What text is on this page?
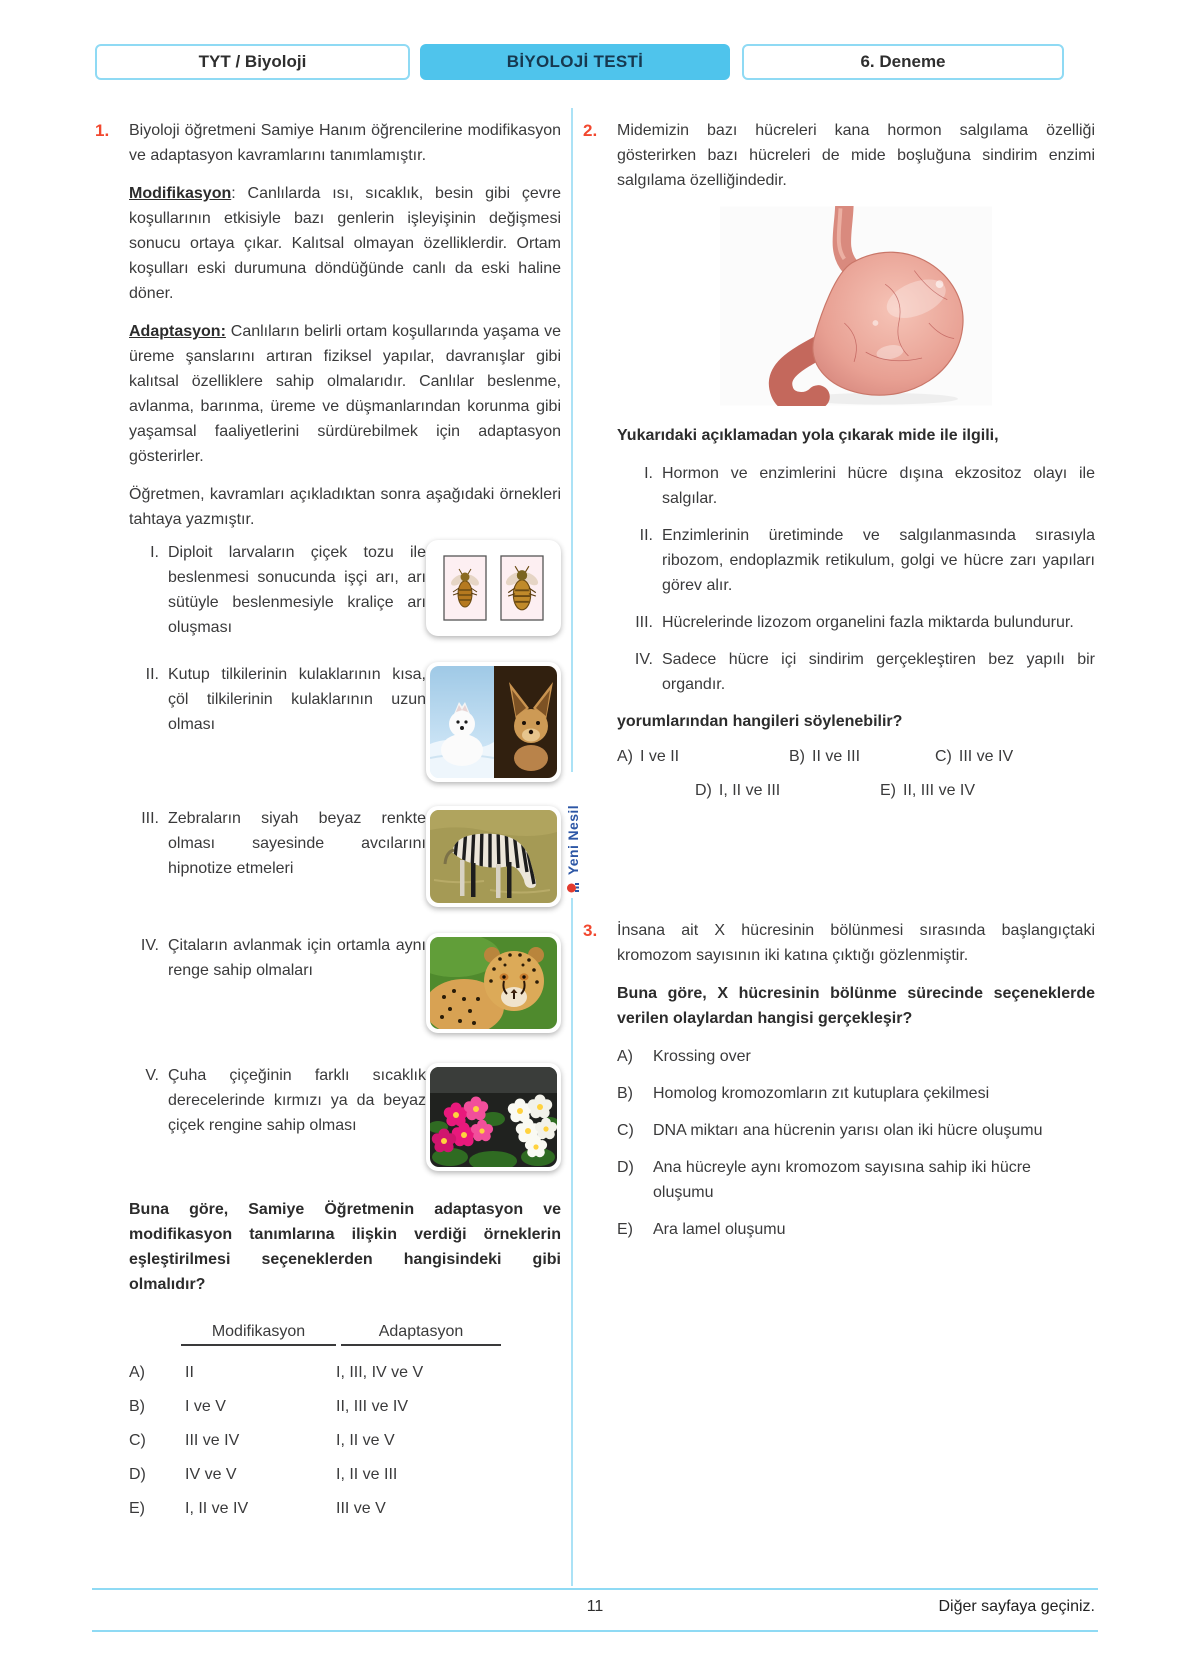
TYT / Biyoloji	BİYOLOJİ TESTİ	6. Deneme
Yeni Nesil
1.	Biyoloji öğretmeni Samiye Hanım öğrencilerine modifikasyon ve adaptasyon kavramlarını tanımlamıştır.

Modifikasyon: Canlılarda ısı, sıcaklık, besin gibi çevre koşullarının etkisiyle bazı genlerin işleyişinin değişmesi sonucu ortaya çıkar. Kalıtsal olmayan özelliklerdir. Ortam koşulları eski durumuna döndüğünde canlı da eski haline döner.

Adaptasyon: Canlıların belirli ortam koşullarında yaşama ve üreme şanslarını artıran fiziksel yapılar, davranışlar gibi kalıtsal özelliklere sahip olmalarıdır. Canlılar beslenme, avlanma, barınma, üreme ve düşmanlarından korunma gibi yaşamsal faaliyetlerini sürdürebilmek için adaptasyon gösterirler.

Öğretmen, kavramları açıkladıktan sonra aşağıdaki örnekleri tahtaya yazmıştır.

I. Diploit larvaların çiçek tozu ile beslenmesi sonucunda işçi arı, arı sütüyle beslenmesiyle kraliçe arı oluşması
II. Kutup tilkilerinin kulaklarının kısa, çöl tilkilerinin kulaklarının uzun olması
III. Zebraların siyah beyaz renkte olması sayesinde avcılarını hipnotize etmeleri
IV. Çitaların avlanmak için ortamla aynı renge sahip olmaları
V. Çuha çiçeğinin farklı sıcaklık derecelerinde kırmızı ya da beyaz çiçek rengine sahip olması

Buna göre, Samiye Öğretmenin adaptasyon ve modifikasyon tanımlarına ilişkin verdiği örneklerin eşleştirilmesi seçeneklerden hangisindeki gibi olmalıdır?

Modifikasyon	Adaptasyon
A)	II	I, III, IV ve V
B)	I ve V	II, III ve IV
C)	III ve IV	I, II ve V
D)	IV ve V	I, II ve III
E)	I, II ve IV	III ve V
2.	Midemizin bazı hücreleri kana hormon salgılama özelliği gösterirken bazı hücreleri de mide boşluğuna sindirim enzimi salgılama özelliğindedir.

Yukarıdaki açıklamadan yola çıkarak mide ile ilgili,

I. Hormon ve enzimlerini hücre dışına ekzositoz olayı ile salgılar.
II. Enzimlerinin üretiminde ve salgılanmasında sırasıyla ribozom, endoplazmik retikulum, golgi ve hücre zarı yapıları görev alır.
III. Hücrelerinde lizozom organelini fazla miktarda bulundurur.
IV. Sadece hücre içi sindirim gerçekleştiren bez yapılı bir organdır.

yorumlarından hangileri söylenebilir?

A) I ve II	B) II ve III	C) III ve IV
D) I, II ve III	E) II, III ve IV
3.	İnsana ait X hücresinin bölünmesi sırasında başlangıçtaki kromozom sayısının iki katına çıktığı gözlenmiştir.

Buna göre, X hücresinin bölünme sürecinde seçeneklerde verilen olaylardan hangisi gerçekleşir?

A)	Krossing over
B)	Homolog kromozomların zıt kutuplara çekilmesi
C)	DNA miktarı ana hücrenin yarısı olan iki hücre oluşumu
D)	Ana hücreyle aynı kromozom sayısına sahip iki hücre oluşumu
E)	Ara lamel oluşumu
11	Diğer sayfaya geçiniz.
